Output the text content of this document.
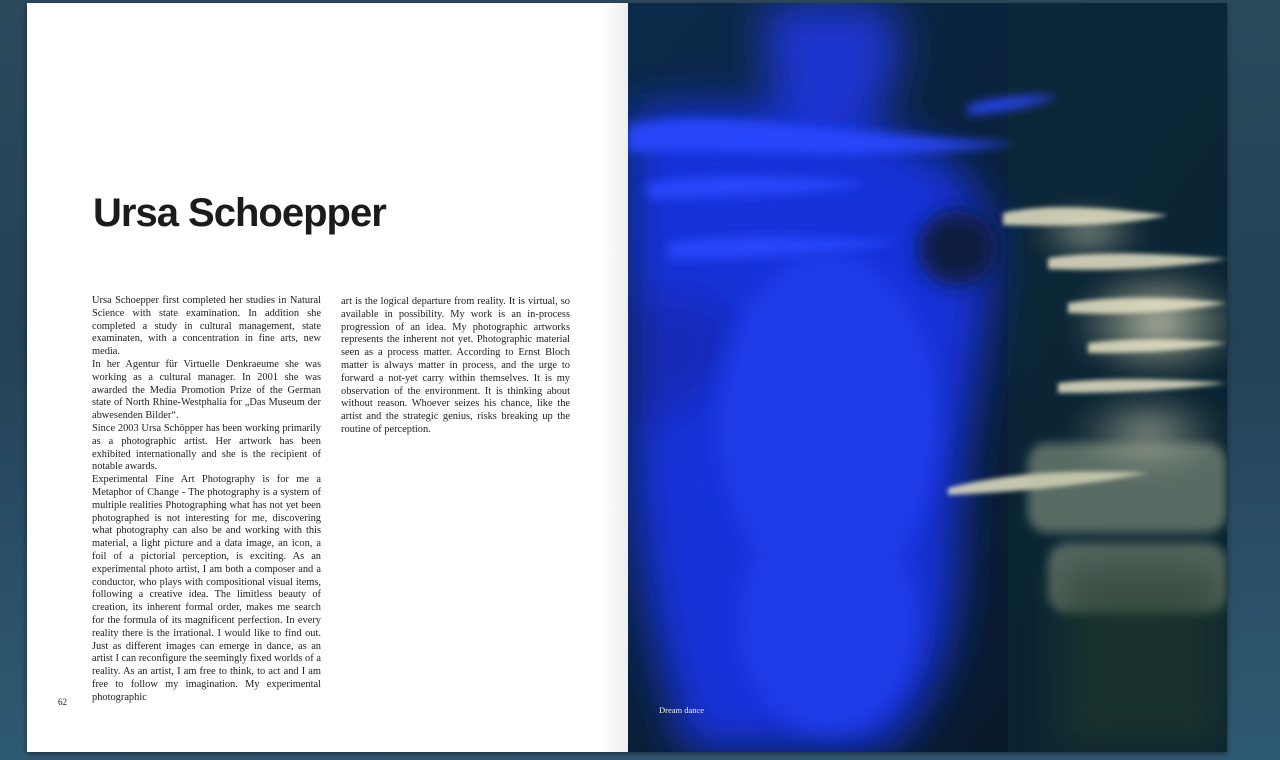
Ursa Schoepper

Ursa Schoepper first completed her studies in Natural Science with state examination. In addition she completed a study in cultural management, state examinaten, with a concentration in fine arts, new media.

In her Agentur für Virtuelle Denkraeume she was working as a cultural manager. In 2001 she was awarded the Media Promotion Prize of the German state of North Rhine-Westphalia for „Das Museum der abwesenden Bilder“.

Since 2003 Ursa Schöpper has been working primarily as a photographic artist. Her artwork has been exhibited internationally and she is the recipient of notable awards.

Experimental Fine Art Photography is for me a Metaphor of Change - The photography is a system of multiple realities Photographing what has not yet been photographed is not interesting for me, discovering what photography can also be and working with this material, a light picture and a data image, an icon, a foil of a pictorial perception, is exciting. As an experimental photo artist, I am both a composer and a conductor, who plays with compositional visual items, following a creative idea. The limitless beauty of creation, its inherent formal order, makes me search for the formula of its magnificent perfection. In every reality there is the irrational. I would like to find out. Just as different images can emerge in dance, as an artist I can reconfigure the seemingly fixed worlds of a reality. As an artist, I am free to think, to act and I am free to follow my imagination. My experimental photographic

art is the logical departure from reality. It is virtual, so available in possibility. My work is an in-process progression of an idea. My photographic artworks represents the inherent not yet. Photographic material seen as a process matter. According to Ernst Bloch matter is always matter in process, and the urge to forward a not-yet carry within themselves. It is my observation of the environment. It is thinking about without reason. Whoever seizes his chance, like the artist and the strategic genius, risks breaking up the routine of perception.

62
Dream dance
